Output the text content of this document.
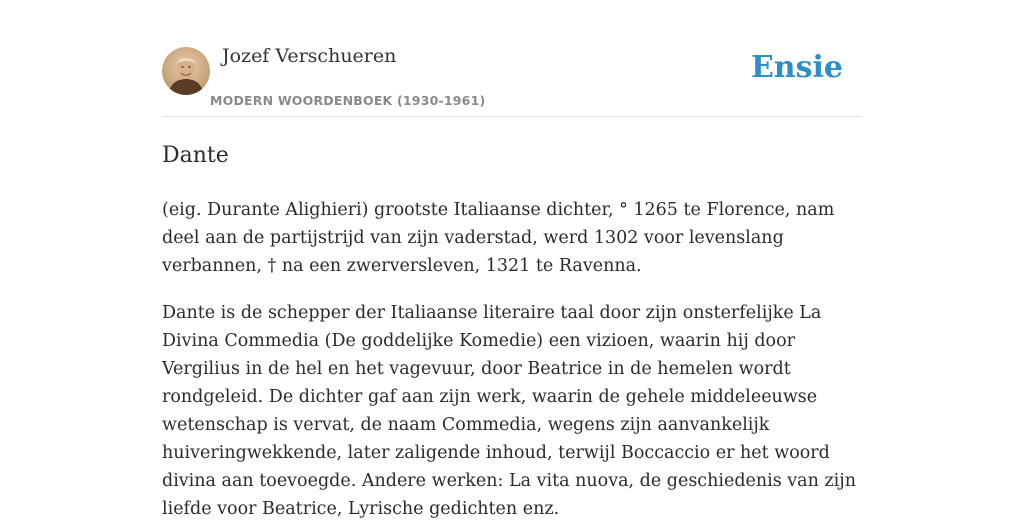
Jozef Verschueren
MODERN WOORDENBOEK (1930-1961)
Ensie
Dante

(eig. Durante Alighieri) grootste Italiaanse dichter, ° 1265 te Florence, nam deel aan de partijstrijd van zijn vaderstad, werd 1302 voor levenslang verbannen, † na een zwerversleven, 1321 te Ravenna.

Dante is de schepper der Italiaanse literaire taal door zijn onsterfelijke La Divina Commedia (De goddelijke Komedie) een vizioen, waarin hij door Vergilius in de hel en het vagevuur, door Beatrice in de hemelen wordt rondgeleid. De dichter gaf aan zijn werk, waarin de gehele middeleeuwse wetenschap is vervat, de naam Commedia, wegens zijn aanvankelijk huiveringwekkende, later zaligende inhoud, terwijl Boccaccio er het woord divina aan toevoegde. Andere werken: La vita nuova, de geschiedenis van zijn liefde voor Beatrice, Lyrische gedichten enz.
